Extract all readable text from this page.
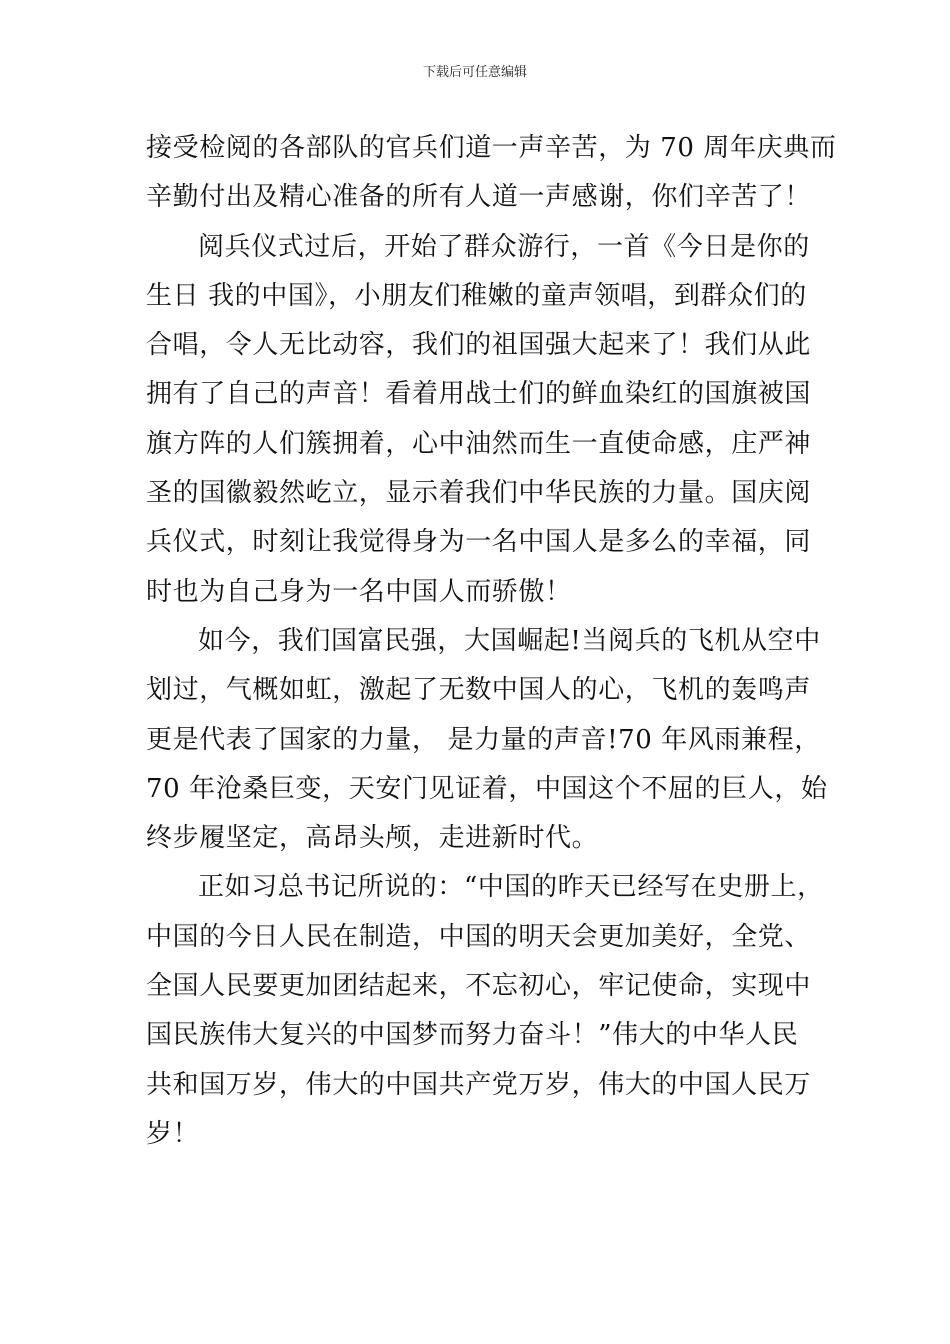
下载后可任意编辑
接受检阅的各部队的官兵们道一声辛苦，为 70 周年庆典而
辛勤付出及精心准备的所有人道一声感谢，你们辛苦了！
阅兵仪式过后，开始了群众游行，一首《今日是你的
生日 我的中国》，小朋友们稚嫩的童声领唱，到群众们的
合唱，令人无比动容，我们的祖国强大起来了！我们从此
拥有了自己的声音！看着用战士们的鲜血染红的国旗被国
旗方阵的人们簇拥着，心中油然而生一直使命感，庄严神
圣的国徽毅然屹立，显示着我们中华民族的力量。国庆阅
兵仪式，时刻让我觉得身为一名中国人是多么的幸福，同
时也为自己身为一名中国人而骄傲！
如今，我们国富民强，大国崛起!当阅兵的飞机从空中
划过，气概如虹，激起了无数中国人的心，飞机的轰鸣声
更是代表了国家的力量， 是力量的声音!70 年风雨兼程，
70 年沧桑巨变，天安门见证着，中国这个不屈的巨人，始
终步履坚定，高昂头颅，走进新时代。
正如习总书记所说的：“中国的昨天已经写在史册上，
中国的今日人民在制造，中国的明天会更加美好，全党、
全国人民要更加团结起来，不忘初心，牢记使命，实现中
国民族伟大复兴的中国梦而努力奋斗！”伟大的中华人民
共和国万岁，伟大的中国共产党万岁，伟大的中国人民万
岁！
